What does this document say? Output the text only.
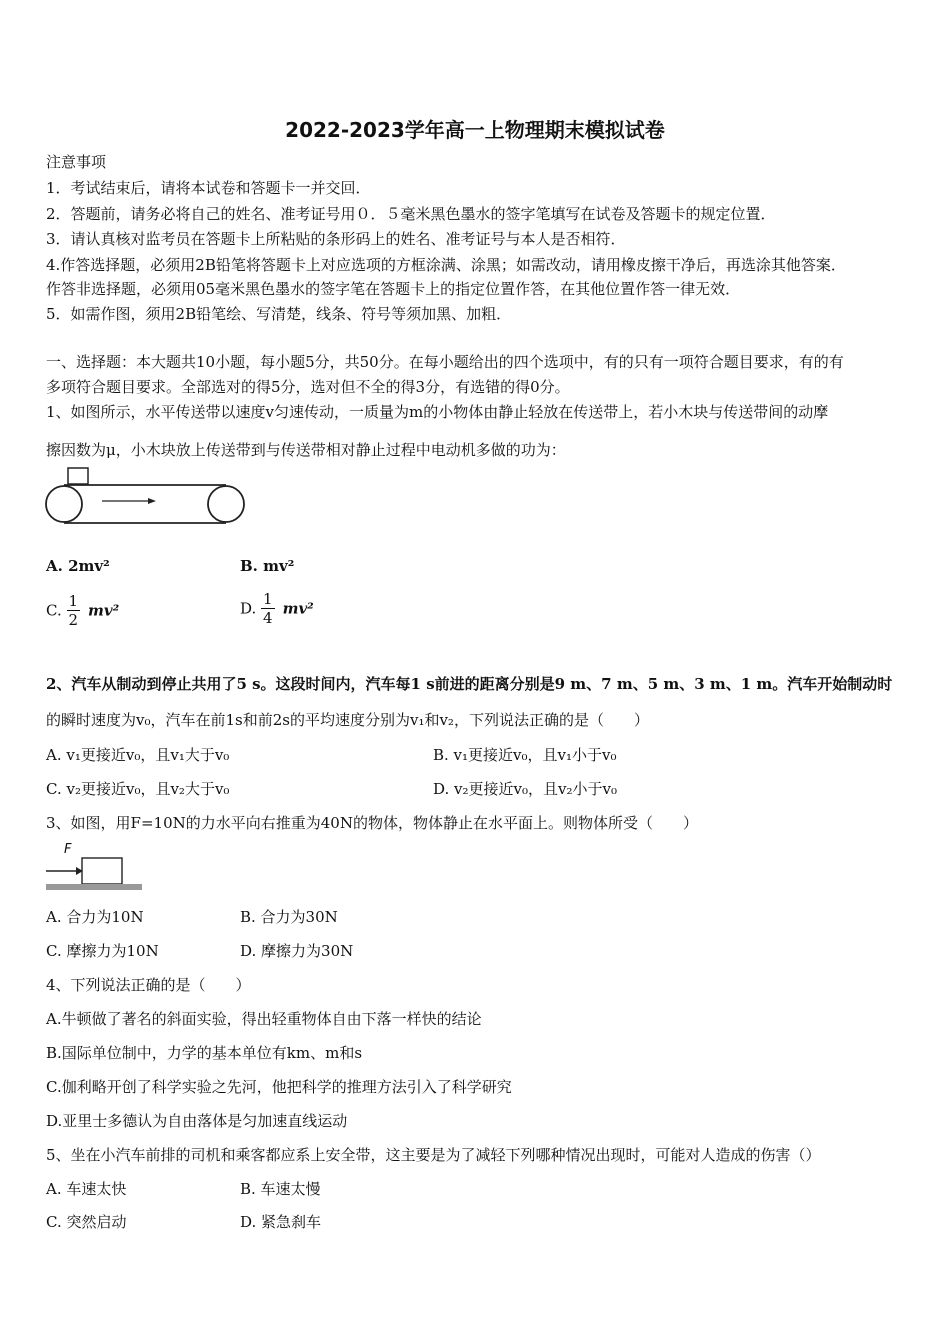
2022-2023学年高一上物理期末模拟试卷
注意事项
1．考试结束后，请将本试卷和答题卡一并交回．
2．答题前，请务必将自己的姓名、准考证号用０．５毫米黑色墨水的签字笔填写在试卷及答题卡的规定位置．
3．请认真核对监考员在答题卡上所粘贴的条形码上的姓名、准考证号与本人是否相符．
4.作答选择题，必须用2B铅笔将答题卡上对应选项的方框涂满、涂黑；如需改动，请用橡皮擦干净后，再选涂其他答案．
作答非选择题，必须用05毫米黑色墨水的签字笔在答题卡上的指定位置作答，在其他位置作答一律无效．
5．如需作图，须用2B铅笔绘、写清楚，线条、符号等须加黑、加粗．
一、选择题：本大题共10小题，每小题5分，共50分。在每小题给出的四个选项中，有的只有一项符合题目要求，有的有
多项符合题目要求。全部选对的得5分，选对但不全的得3分，有选错的得0分。
1、如图所示，水平传送带以速度v匀速传动，一质量为m的小物体由静止轻放在传送带上，若小木块与传送带间的动摩
擦因数为μ，小木块放上传送带到与传送带相对静止过程中电动机多做的功为：
A. 2mv²	B. mv²
C. $\frac{1}{2} mv^2$	D. $\frac{1}{4} mv^2$
2、汽车从制动到停止共用了5 s。这段时间内，汽车每1 s前进的距离分别是9 m、7 m、5 m、3 m、1 m。汽车开始制动时
的瞬时速度为v₀，汽车在前1s和前2s的平均速度分别为v₁和v₂，下列说法正确的是（　　）
A. v₁更接近v₀，且v₁大于v₀	B. v₁更接近v₀，且v₁小于v₀
C. v₂更接近v₀，且v₂大于v₀	D. v₂更接近v₀，且v₂小于v₀
3、如图，用F=10N的力水平向右推重为40N的物体，物体静止在水平面上。则物体所受（　　）
F
A. 合力为10N	B. 合力为30N
C. 摩擦力为10N	D. 摩擦力为30N
4、下列说法正确的是（　　）
A.牛顿做了著名的斜面实验，得出轻重物体自由下落一样快的结论
B.国际单位制中，力学的基本单位有km、m和s
C.伽利略开创了科学实验之先河，他把科学的推理方法引入了科学研究
D.亚里士多德认为自由落体是匀加速直线运动
5、坐在小汽车前排的司机和乘客都应系上安全带，这主要是为了减轻下列哪种情况出现时，可能对人造成的伤害（）
A. 车速太快	B. 车速太慢
C. 突然启动	D. 紧急刹车
